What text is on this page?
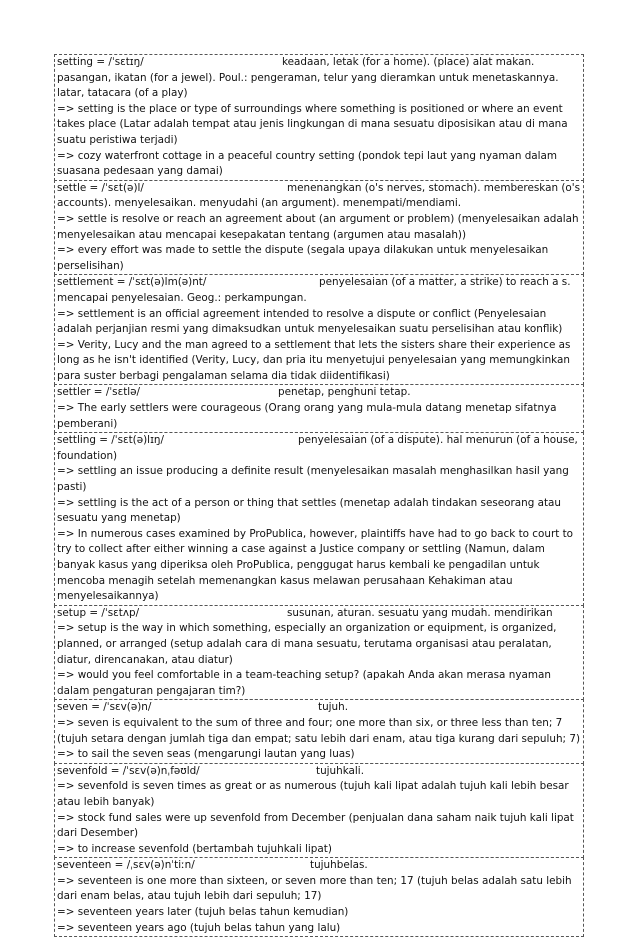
setting = /ˈsɛtɪŋ/	keadaan, letak (for a home). (place) alat makan. pasangan, ikatan (for a jewel). Poul.: pengeraman, telur yang dieramkan untuk menetaskannya. latar, tatacara (of a play)
=> setting is the place or type of surroundings where something is positioned or where an event takes place (Latar adalah tempat atau jenis lingkungan di mana sesuatu diposisikan atau di mana suatu peristiwa terjadi)
=> cozy waterfront cottage in a peaceful country setting (pondok tepi laut yang nyaman dalam suasana pedesaan yang damai)
settle = /ˈsɛt(ə)l/	menenangkan (o's nerves, stomach). membereskan (o's accounts). menyelesaikan. menyudahi (an argument). menempati/mendiami.
=> settle is resolve or reach an agreement about (an argument or problem) (menyelesaikan adalah menyelesaikan atau mencapai kesepakatan tentang (argumen atau masalah))
=> every effort was made to settle the dispute (segala upaya dilakukan untuk menyelesaikan perselisihan)
settlement = /ˈsɛt(ə)lm(ə)nt/	penyelesaian (of a matter, a strike) to reach a s. mencapai penyelesaian. Geog.: perkampungan.
=> settlement is an official agreement intended to resolve a dispute or conflict (Penyelesaian adalah perjanjian resmi yang dimaksudkan untuk menyelesaikan suatu perselisihan atau konflik)
=> Verity, Lucy and the man agreed to a settlement that lets the sisters share their experience as long as he isn't identified (Verity, Lucy, dan pria itu menyetujui penyelesaian yang memungkinkan para suster berbagi pengalaman selama dia tidak diidentifikasi)
settler = /ˈsɛtlə/	penetap, penghuni tetap.
=> The early settlers were courageous (Orang orang yang mula-mula datang menetap sifatnya pemberani)
settling = /ˈsɛt(ə)lɪŋ/	penyelesaian (of a dispute). hal menurun (of a house, foundation)
=> settling an issue producing a definite result (menyelesaikan masalah menghasilkan hasil yang pasti)
=> settling is the act of a person or thing that settles (menetap adalah tindakan seseorang atau sesuatu yang menetap)
=> In numerous cases examined by ProPublica, however, plaintiffs have had to go back to court to try to collect after either winning a case against a Justice company or settling (Namun, dalam banyak kasus yang diperiksa oleh ProPublica, penggugat harus kembali ke pengadilan untuk mencoba menagih setelah memenangkan kasus melawan perusahaan Kehakiman atau menyelesaikannya)
setup = /ˈsɛtʌp/	susunan, aturan. sesuatu yang mudah. mendirikan
=> setup is the way in which something, especially an organization or equipment, is organized, planned, or arranged (setup adalah cara di mana sesuatu, terutama organisasi atau peralatan, diatur, direncanakan, atau diatur)
=> would you feel comfortable in a team-teaching setup? (apakah Anda akan merasa nyaman dalam pengaturan pengajaran tim?)
seven = /ˈsɛv(ə)n/	tujuh.
=> seven is equivalent to the sum of three and four; one more than six, or three less than ten; 7 (tujuh setara dengan jumlah tiga dan empat; satu lebih dari enam, atau tiga kurang dari sepuluh; 7)
=> to sail the seven seas (mengarungi lautan yang luas)
sevenfold = /ˈsɛv(ə)nˌfəʊld/	tujuhkali.
=> sevenfold is seven times as great or as numerous (tujuh kali lipat adalah tujuh kali lebih besar atau lebih banyak)
=> stock fund sales were up sevenfold from December (penjualan dana saham naik tujuh kali lipat dari Desember)
=> to increase sevenfold (bertambah tujuhkali lipat)
seventeen = /ˌsɛv(ə)nˈtiːn/	tujuhbelas.
=> seventeen is one more than sixteen, or seven more than ten; 17 (tujuh belas adalah satu lebih dari enam belas, atau tujuh lebih dari sepuluh; 17)
=> seventeen years later (tujuh belas tahun kemudian)
=> seventeen years ago (tujuh belas tahun yang lalu)
